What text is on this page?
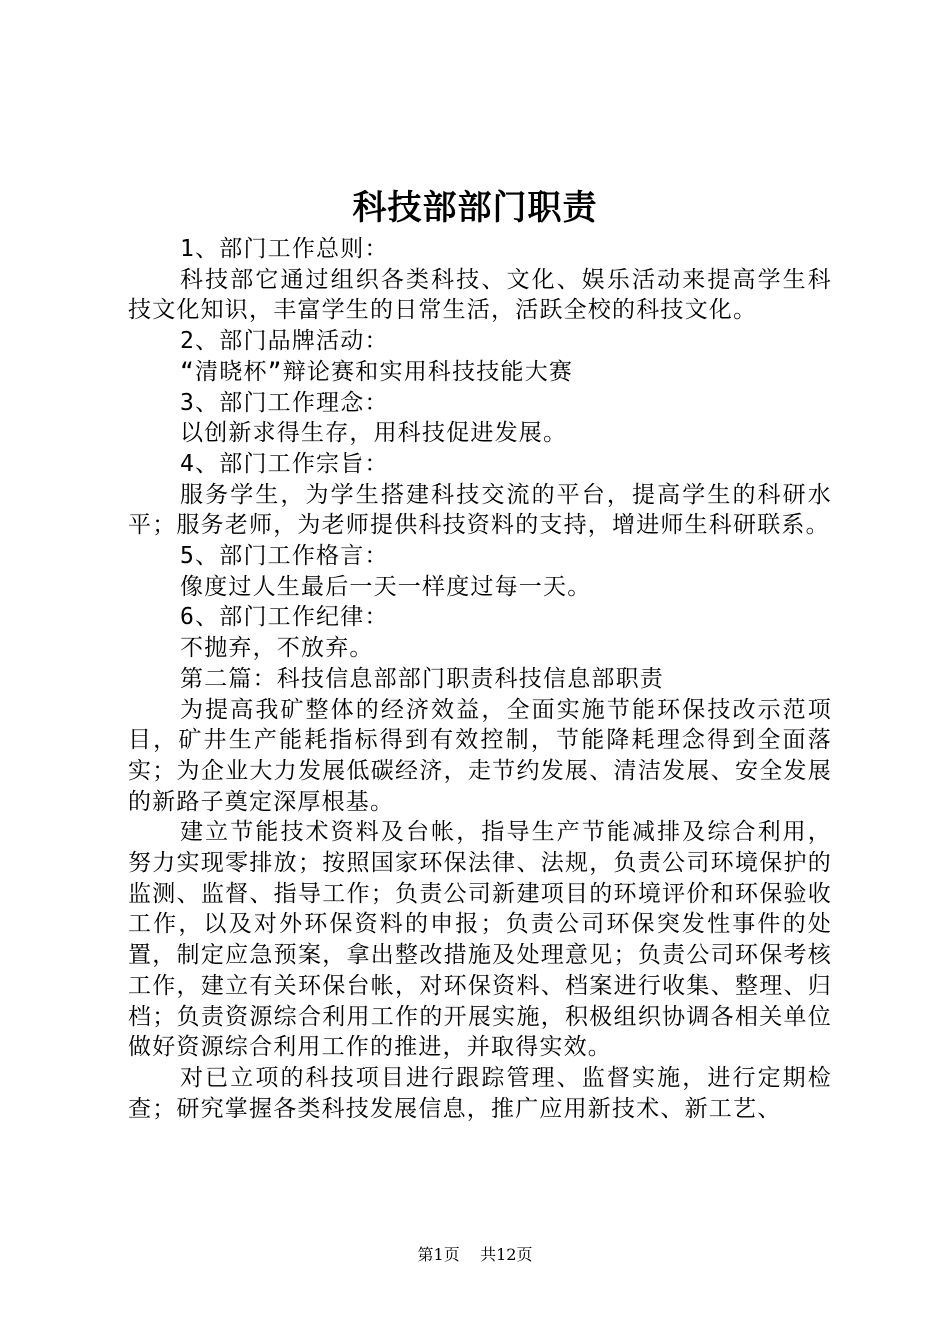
科技部部门职责

1、部门工作总则：

科技部它通过组织各类科技、文化、娱乐活动来提高学生科技文化知识，丰富学生的日常生活，活跃全校的科技文化。

2、部门品牌活动：

“清晓杯”辩论赛和实用科技技能大赛

3、部门工作理念：

以创新求得生存，用科技促进发展。

4、部门工作宗旨：

服务学生，为学生搭建科技交流的平台，提高学生的科研水平；服务老师，为老师提供科技资料的支持，增进师生科研联系。

5、部门工作格言：

像度过人生最后一天一样度过每一天。

6、部门工作纪律：

不抛弃，不放弃。

第二篇：科技信息部部门职责科技信息部职责

为提高我矿整体的经济效益，全面实施节能环保技改示范项目，矿井生产能耗指标得到有效控制，节能降耗理念得到全面落实；为企业大力发展低碳经济，走节约发展、清洁发展、安全发展的新路子奠定深厚根基。

建立节能技术资料及台帐，指导生产节能减排及综合利用，努力实现零排放；按照国家环保法律、法规，负责公司环境保护的监测、监督、指导工作；负责公司新建项目的环境评价和环保验收工作，以及对外环保资料的申报；负责公司环保突发性事件的处置，制定应急预案，拿出整改措施及处理意见；负责公司环保考核工作，建立有关环保台帐，对环保资料、档案进行收集、整理、归档；负责资源综合利用工作的开展实施，积极组织协调各相关单位做好资源综合利用工作的推进，并取得实效。

对已立项的科技项目进行跟踪管理、监督实施，进行定期检查；研究掌握各类科技发展信息，推广应用新技术、新工艺、

第1页 共12页
